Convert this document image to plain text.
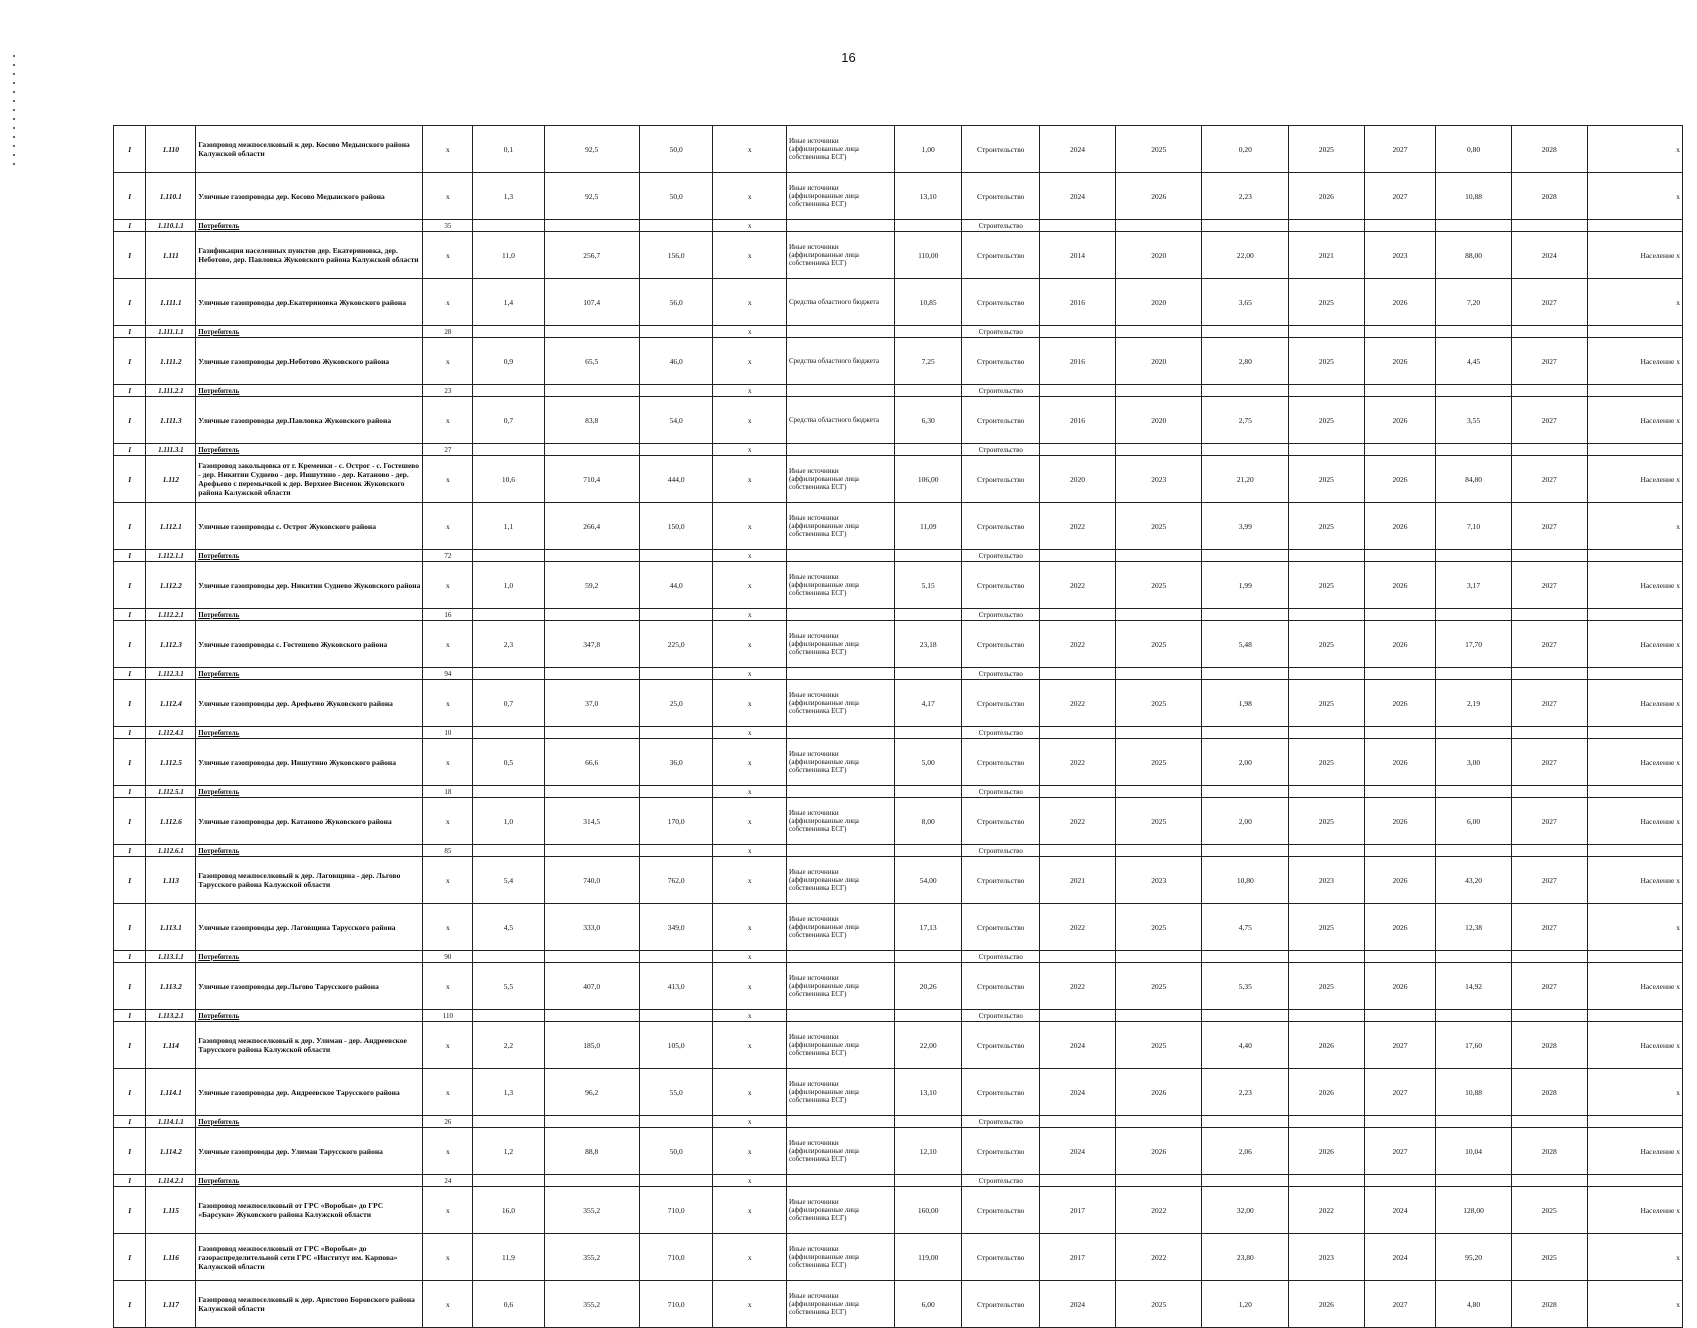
16
I	1.110	Газопровод межпоселковый к дер. Косово Медынского района Калужской области	х	0,1	92,5	50,0	х	Иные источники (аффилированные лица собственника ЕСГ)	1,00	Строительство	2024	2025	0,20	2025	2027	0,80	2028	х
I	1.110.1	Уличные газопроводы дер. Косово Медынского района	х	1,3	92,5	50,0	х	Иные источники (аффилированные лица собственника ЕСГ)	13,10	Строительство	2024	2026	2,23	2026	2027	10,88	2028	х
I	1.110.1.1	Потребитель	35				х			Строительство								
I	1.111	Газификация населенных пунктов дер. Екатериновка, дер. Неботово, дер. Павловка Жуковского района Калужской области	х	11,0	256,7	156,0	х	Иные источники (аффилированные лица собственника ЕСГ)	110,00	Строительство	2014	2020	22,00	2021	2023	88,00	2024	Население х
I	1.111.1	Уличные газопроводы дер.Екатериновка Жуковского района	х	1,4	107,4	56,0	х	Средства областного бюджета	10,85	Строительство	2016	2020	3,65	2025	2026	7,20	2027	х
I	1.111.1.1	Потребитель	28				х			Строительство								
I	1.111.2	Уличные газопроводы дер.Неботово Жуковского района	х	0,9	65,5	46,0	х	Средства областного бюджета	7,25	Строительство	2016	2020	2,80	2025	2026	4,45	2027	Население х
I	1.111.2.1	Потребитель	23				х			Строительство								
I	1.111.3	Уличные газопроводы дер.Павловка Жуковского района	х	0,7	83,8	54,0	х	Средства областного бюджета	6,30	Строительство	2016	2020	2,75	2025	2026	3,55	2027	Население х
I	1.111.3.1	Потребитель	27				х			Строительство								
I	1.112	Газопровод закольцовка от г. Кременки - с. Острог - с. Гостешево - дер. Никитин Суднево - дер. Иншутино - дер. Катаново - дер. Арефьево с перемычкой к дер. Верхнее Висенок Жуковского района Калужской области	х	10,6	710,4	444,0	х	Иные источники (аффилированные лица собственника ЕСГ)	106,00	Строительство	2020	2023	21,20	2025	2026	84,80	2027	Население х
I	1.112.1	Уличные газопроводы с. Острог Жуковского района	х	1,1	266,4	150,0	х	Иные источники (аффилированные лица собственника ЕСГ)	11,09	Строительство	2022	2025	3,99	2025	2026	7,10	2027	х
I	1.112.1.1	Потребитель	72				х			Строительство								
I	1.112.2	Уличные газопроводы дер. Никитин Суднево Жуковского района	х	1,0	59,2	44,0	х	Иные источники (аффилированные лица собственника ЕСГ)	5,15	Строительство	2022	2025	1,99	2025	2026	3,17	2027	Население х
I	1.112.2.1	Потребитель	16				х			Строительство								
I	1.112.3	Уличные газопроводы с. Гостешево Жуковского района	х	2,3	347,8	225,0	х	Иные источники (аффилированные лица собственника ЕСГ)	23,18	Строительство	2022	2025	5,48	2025	2026	17,70	2027	Население х
I	1.112.3.1	Потребитель	94				х			Строительство								
I	1.112.4	Уличные газопроводы дер. Арефьево Жуковского района	х	0,7	37,0	25,0	х	Иные источники (аффилированные лица собственника ЕСГ)	4,17	Строительство	2022	2025	1,98	2025	2026	2,19	2027	Население х
I	1.112.4.1	Потребитель	10				х			Строительство								
I	1.112.5	Уличные газопроводы дер. Иншутино Жуковского района	х	0,5	66,6	36,0	х	Иные источники (аффилированные лица собственника ЕСГ)	5,00	Строительство	2022	2025	2,00	2025	2026	3,00	2027	Население х
I	1.112.5.1	Потребитель	18				х			Строительство								
I	1.112.6	Уличные газопроводы дер. Катаново Жуковского района	х	1,0	314,5	170,0	х	Иные источники (аффилированные лица собственника ЕСГ)	8,00	Строительство	2022	2025	2,00	2025	2026	6,00	2027	Население х
I	1.112.6.1	Потребитель	85				х			Строительство								
I	1.113	Газопровод межпоселковый к дер. Лаговщина - дер. Льгово Тарусского района Калужской области	х	5,4	740,0	762,0	х	Иные источники (аффилированные лица собственника ЕСГ)	54,00	Строительство	2021	2023	10,80	2023	2026	43,20	2027	Население х
I	1.113.1	Уличные газопроводы дер. Лаговщина Тарусского района	х	4,5	333,0	349,0	х	Иные источники (аффилированные лица собственника ЕСГ)	17,13	Строительство	2022	2025	4,75	2025	2026	12,38	2027	х
I	1.113.1.1	Потребитель	90				х			Строительство								
I	1.113.2	Уличные газопроводы дер.Льгово Тарусского района	х	5,5	407,0	413,0	х	Иные источники (аффилированные лица собственника ЕСГ)	20,26	Строительство	2022	2025	5,35	2025	2026	14,92	2027	Население х
I	1.113.2.1	Потребитель	110				х			Строительство								
I	1.114	Газопровод межпоселковый к дер. Улиман - дер. Андреевское Тарусского района Калужской области	х	2,2	185,0	105,0	х	Иные источники (аффилированные лица собственника ЕСГ)	22,00	Строительство	2024	2025	4,40	2026	2027	17,60	2028	Население х
I	1.114.1	Уличные газопроводы дер. Андреевское Тарусского района	х	1,3	96,2	55,0	х	Иные источники (аффилированные лица собственника ЕСГ)	13,10	Строительство	2024	2026	2,23	2026	2027	10,88	2028	х
I	1.114.1.1	Потребитель	26				х			Строительство								
I	1.114.2	Уличные газопроводы дер. Улиман Тарусского района	х	1,2	88,8	50,0	х	Иные источники (аффилированные лица собственника ЕСГ)	12,10	Строительство	2024	2026	2,06	2026	2027	10,04	2028	Население х
I	1.114.2.1	Потребитель	24				х			Строительство								
I	1.115	Газопровод межпоселковый от ГРС «Воробьи» до ГРС «Барсуки» Жуковского района Калужской области	х	16,0	355,2	710,0	х	Иные источники (аффилированные лица собственника ЕСГ)	160,00	Строительство	2017	2022	32,00	2022	2024	128,00	2025	Население х
I	1.116	Газопровод межпоселковый от ГРС «Воробьи» до газораспределительной сети ГРС «Институт им. Карпова» Калужской области	х	11,9	355,2	710,0	х	Иные источники (аффилированные лица собственника ЕСГ)	119,00	Строительство	2017	2022	23,80	2023	2024	95,20	2025	х
I	1.117	Газопровод межпоселковый к дер. Аристово Боровского района Калужской области	х	0,6	355,2	710,0	х	Иные источники (аффилированные лица собственника ЕСГ)	6,00	Строительство	2024	2025	1,20	2026	2027	4,80	2028	х
